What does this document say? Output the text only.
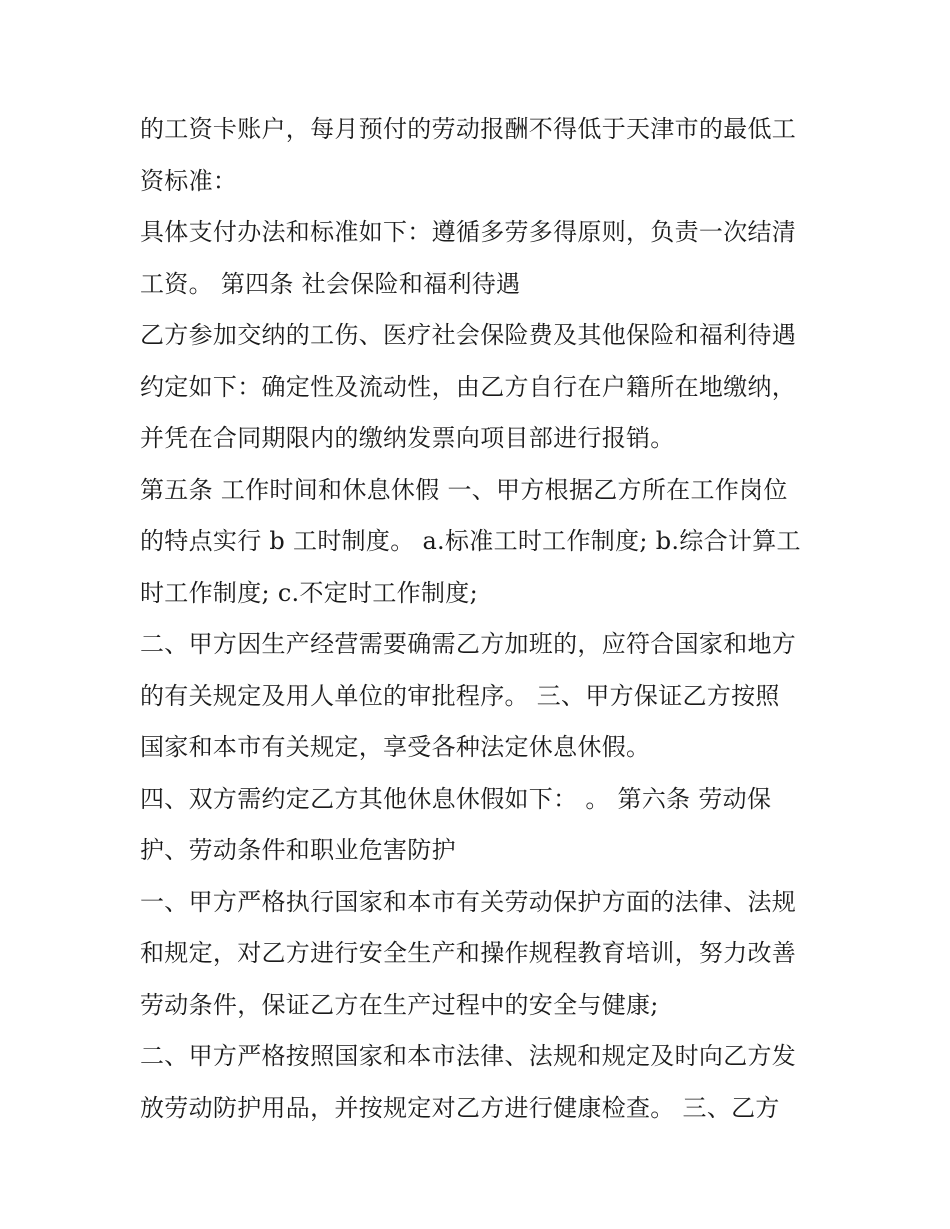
的工资卡账户，每月预付的劳动报酬不得低于天津市的最低工
资标准：
具体支付办法和标准如下：遵循多劳多得原则，负责一次结清
工资。 第四条 社会保险和福利待遇
乙方参加交纳的工伤、医疗社会保险费及其他保险和福利待遇
约定如下：确定性及流动性，由乙方自行在户籍所在地缴纳，
并凭在合同期限内的缴纳发票向项目部进行报销。
第五条 工作时间和休息休假 一、甲方根据乙方所在工作岗位
的特点实行 b 工时制度。 a.标准工时工作制度; b.综合计算工
时工作制度; c.不定时工作制度;
二、甲方因生产经营需要确需乙方加班的，应符合国家和地方
的有关规定及用人单位的审批程序。 三、甲方保证乙方按照
国家和本市有关规定，享受各种法定休息休假。
四、双方需约定乙方其他休息休假如下： 。 第六条 劳动保
护、劳动条件和职业危害防护
一、甲方严格执行国家和本市有关劳动保护方面的法律、法规
和规定，对乙方进行安全生产和操作规程教育培训，努力改善
劳动条件，保证乙方在生产过程中的安全与健康;
二、甲方严格按照国家和本市法律、法规和规定及时向乙方发
放劳动防护用品，并按规定对乙方进行健康检查。 三、乙方
